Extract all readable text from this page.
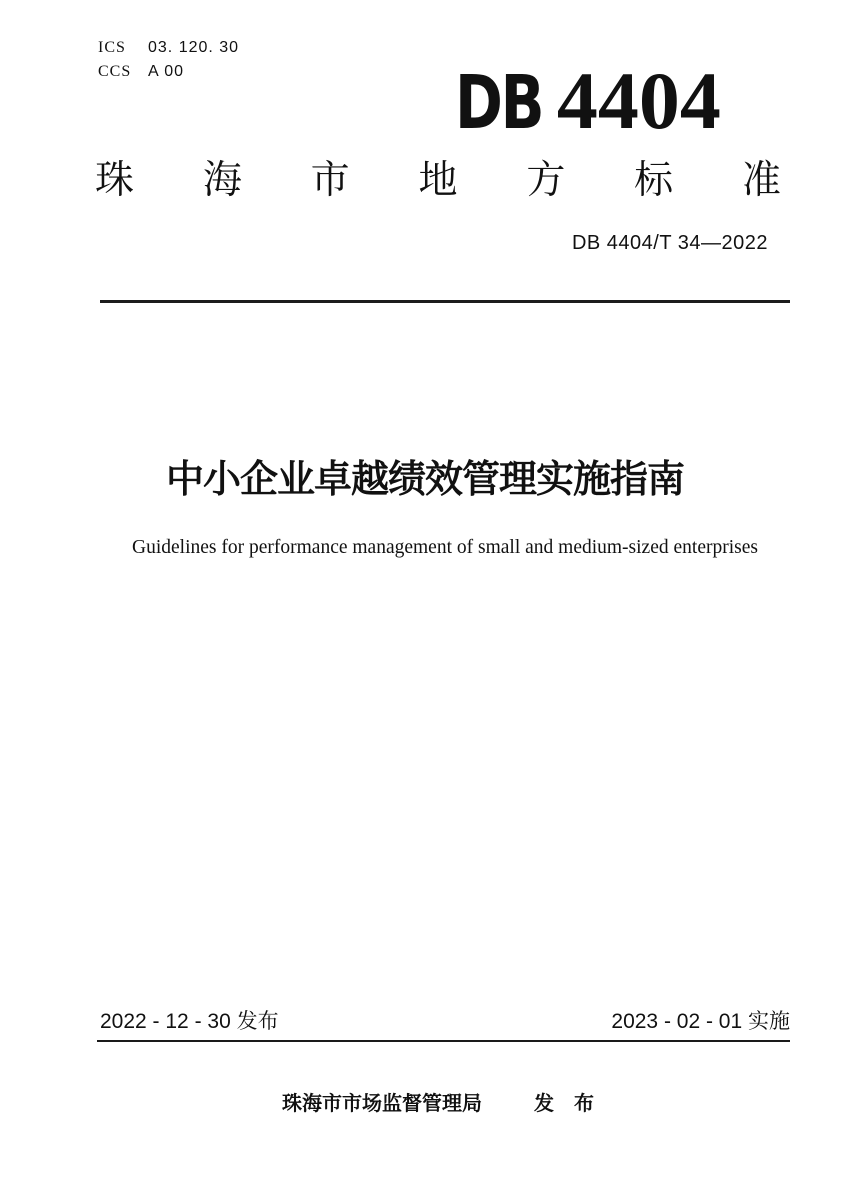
ICS 03. 120. 30
CCS A 00	DB 4404
珠 海 市 地 方 标 准
DB 4404/T 34—2022
中小企业卓越绩效管理实施指南
Guidelines for performance management of small and medium-sized enterprises
2022 - 12 - 30 发布	2023 - 02 - 01 实施
珠海市市场监督管理局	发　布
